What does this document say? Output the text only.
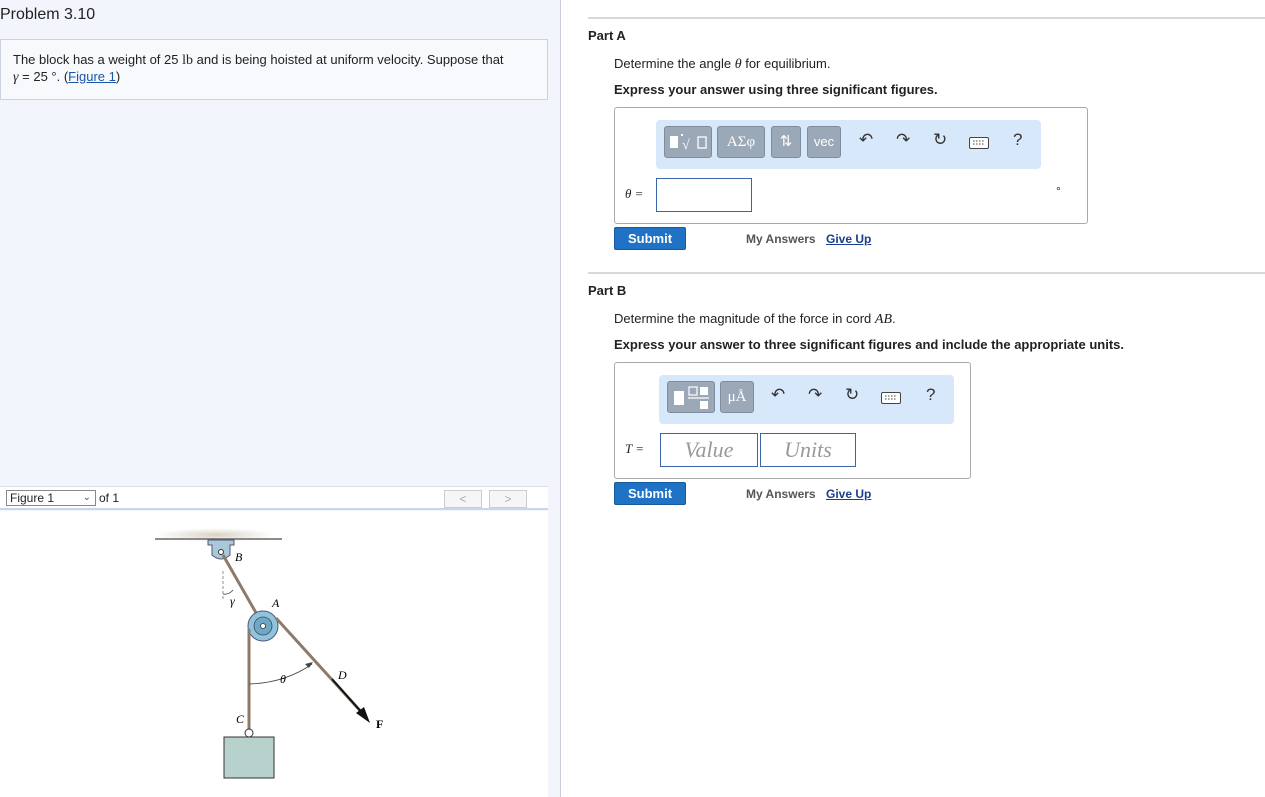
Problem 3.10
The block has a weight of 25 lb and is being hoisted at uniform velocity. Suppose that
γ = 25 °. (Figure 1)
Figure 1	⌄ of 1	<	>
B
A
γ
θ	D
C	F
Part A
Determine the angle θ for equilibrium.
Express your answer using three significant figures.
√	ΑΣφ	⇅	vec	↶ ↷ ↻	?
θ =	°
Submit	My Answers Give Up
Part B
Determine the magnitude of the force in cord AB.
Express your answer to three significant figures and include the appropriate units.
μÅ	↶ ↷ ↻	?
T =	Value	Units
Submit	My Answers Give Up
